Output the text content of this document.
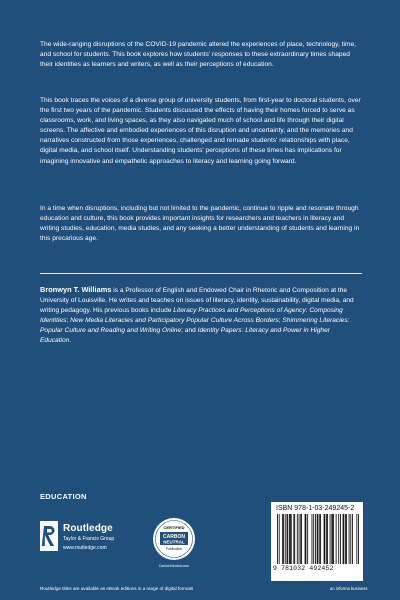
The wide-ranging disruptions of the COVID-19 pandemic altered the experiences of place, technology, time, and school for students. This book explores how students' responses to these extraordinary times shaped their identities as learners and writers, as well as their perceptions of education.

This book traces the voices of a diverse group of university students, from first-year to doctoral students, over the first two years of the pandemic. Students discussed the effects of having their homes forced to serve as classrooms, work, and living spaces, as they also navigated much of school and life through their digital screens. The affective and embodied experiences of this disruption and uncertainty, and the memories and narratives constructed from those experiences, challenged and remade students' relationships with place, digital media, and school itself. Understanding students' perceptions of these times has implications for imagining innovative and empathetic approaches to literacy and learning going forward.

In a time when disruptions, including but not limited to the pandemic, continue to ripple and resonate through education and culture, this book provides important insights for researchers and teachers in literacy and writing studies, education, media studies, and any seeking a better understanding of students and learning in this precarious age.

Bronwyn T. Williams is a Professor of English and Endowed Chair in Rhetoric and Composition at the University of Louisville. He writes and teaches on issues of literacy, identity, sustainability, digital media, and writing pedagogy. His previous books include Literacy Practices and Perceptions of Agency: Composing Identities; New Media Literacies and Participatory Popular Culture Across Borders; Shimmering Literacies: Popular Culture and Reading and Writing Online; and Identity Papers: Literacy and Power in Higher Education.

EDUCATION

Routledge
Taylor & Francis Group
www.routledge.com
CERTIFIED
CARBON
NEUTRAL
Publication
CarbonNeutral.com
ISBN 978-1-03-249245-2
9 781032 492452

Routledge titles are available as eBook editions in a range of digital formats	an informa business
